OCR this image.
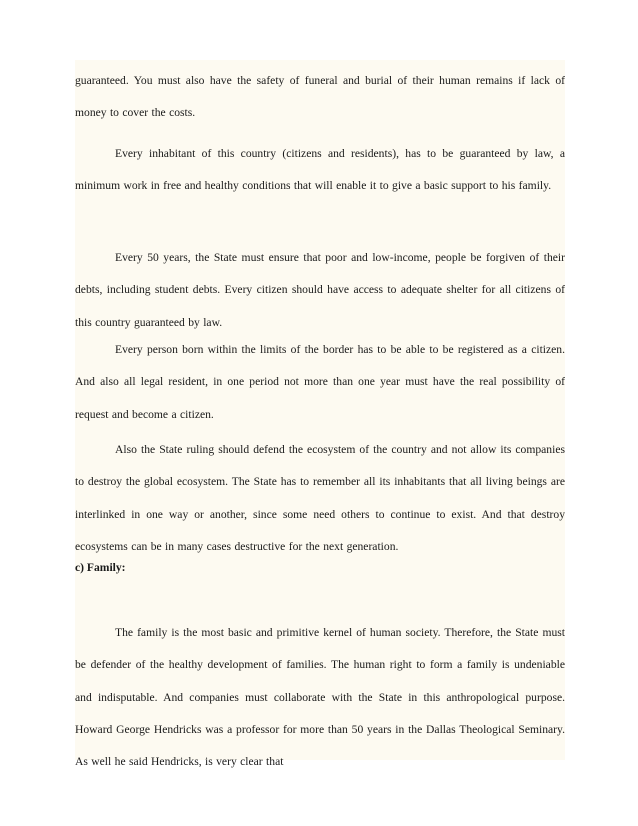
guaranteed. You must also have the safety of funeral and burial of their human remains if lack of money to cover the costs.

Every inhabitant of this country (citizens and residents), has to be guaranteed by law, a minimum work in free and healthy conditions that will enable it to give a basic support to his family.

Every 50 years, the State must ensure that poor and low-income, people be forgiven of their debts, including student debts. Every citizen should have access to adequate shelter for all citizens of this country guaranteed by law.

Every person born within the limits of the border has to be able to be registered as a citizen. And also all legal resident, in one period not more than one year must have the real possibility of request and become a citizen.

Also the State ruling should defend the ecosystem of the country and not allow its companies to destroy the global ecosystem. The State has to remember all its inhabitants that all living beings are interlinked in one way or another, since some need others to continue to exist. And that destroy ecosystems can be in many cases destructive for the next generation.

c) Family:

The family is the most basic and primitive kernel of human society. Therefore, the State must be defender of the healthy development of families. The human right to form a family is undeniable and indisputable. And companies must collaborate with the State in this anthropological purpose. Howard George Hendricks was a professor for more than 50 years in the Dallas Theological Seminary. As well he said Hendricks, is very clear that
